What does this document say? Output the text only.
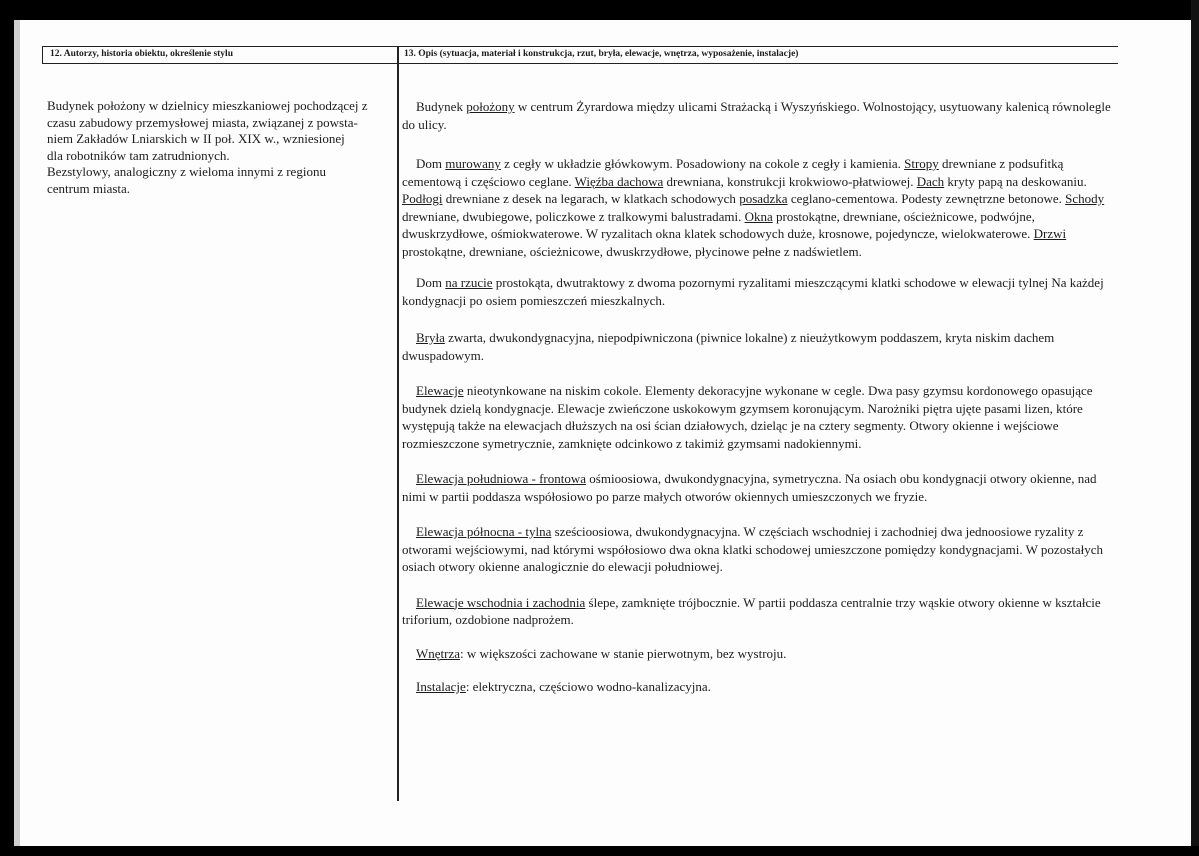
12. Autorzy, historia obiektu, określenie stylu	13. Opis (sytuacja, materiał i konstrukcja, rzut, bryła, elewacje, wnętrza, wyposażenie, instalacje)

Budynek położony w dzielnicy mieszkaniowej pochodzącej z

czasu zabudowy przemysłowej miasta, związanej z powsta-

niem Zakładów Lniarskich w II poł. XIX w., wzniesionej

dla robotników tam zatrudnionych.

Bezstylowy, analogiczny z wieloma innymi z regionu

centrum miasta.

Budynek położony w centrum Żyrardowa między ulicami Strażacką i Wyszyńskiego. Wolnostojący, usytuowany kalenicą równolegle do ulicy.

Dom murowany z cegły w układzie główkowym. Posadowiony na cokole z cegły i kamienia. Stropy drewniane z podsufitką cementową i częściowo ceglane. Więźba dachowa drewniana, konstrukcji krokwiowo-płatwiowej. Dach kryty papą na deskowaniu. Podłogi drewniane z desek na legarach, w klatkach schodowych posadzka ceglano-cementowa. Podesty zewnętrzne betonowe. Schody drewniane, dwubiegowe, policzkowe z tralkowymi balustradami. Okna prostokątne, drewniane, ościeżnicowe, podwójne, dwuskrzydłowe, ośmiokwaterowe. W ryzalitach okna klatek schodowych duże, krosnowe, pojedyncze, wielokwaterowe. Drzwi prostokątne, drewniane, ościeżnicowe, dwuskrzydłowe, płycinowe pełne z nadświetlem.

Dom na rzucie prostokąta, dwutraktowy z dwoma pozornymi ryzalitami mieszczącymi klatki schodowe w elewacji tylnej Na każdej kondygnacji po osiem pomieszczeń mieszkalnych.

Bryła zwarta, dwukondygnacyjna, niepodpiwniczona (piwnice lokalne) z nieużytkowym poddaszem, kryta niskim dachem dwuspadowym.

Elewacje nieotynkowane na niskim cokole. Elementy dekoracyjne wykonane w cegle. Dwa pasy gzymsu kordonowego opasujące budynek dzielą kondygnacje. Elewacje zwieńczone uskokowym gzymsem koronującym. Narożniki piętra ujęte pasami lizen, które występują także na elewacjach dłuższych na osi ścian działowych, dzieląc je na cztery segmenty. Otwory okienne i wejściowe rozmieszczone symetrycznie, zamknięte odcinkowo z takimiż gzymsami nadokiennymi.

Elewacja południowa - frontowa ośmioosiowa, dwukondygnacyjna, symetryczna. Na osiach obu kondygnacji otwory okienne, nad nimi w partii poddasza współosiowo po parze małych otworów okiennych umieszczonych we fryzie.

Elewacja północna - tylna sześcioosiowa, dwukondygnacyjna. W częściach wschodniej i zachodniej dwa jednoosiowe ryzality z otworami wejściowymi, nad którymi współosiowo dwa okna klatki schodowej umieszczone pomiędzy kondygnacjami. W pozostałych osiach otwory okienne analogicznie do elewacji południowej.

Elewacje wschodnia i zachodnia ślepe, zamknięte trójbocznie. W partii poddasza centralnie trzy wąskie otwory okienne w kształcie triforium, ozdobione nadprożem.

Wnętrza: w większości zachowane w stanie pierwotnym, bez wystroju.

Instalacje: elektryczna, częściowo wodno-kanalizacyjna.
